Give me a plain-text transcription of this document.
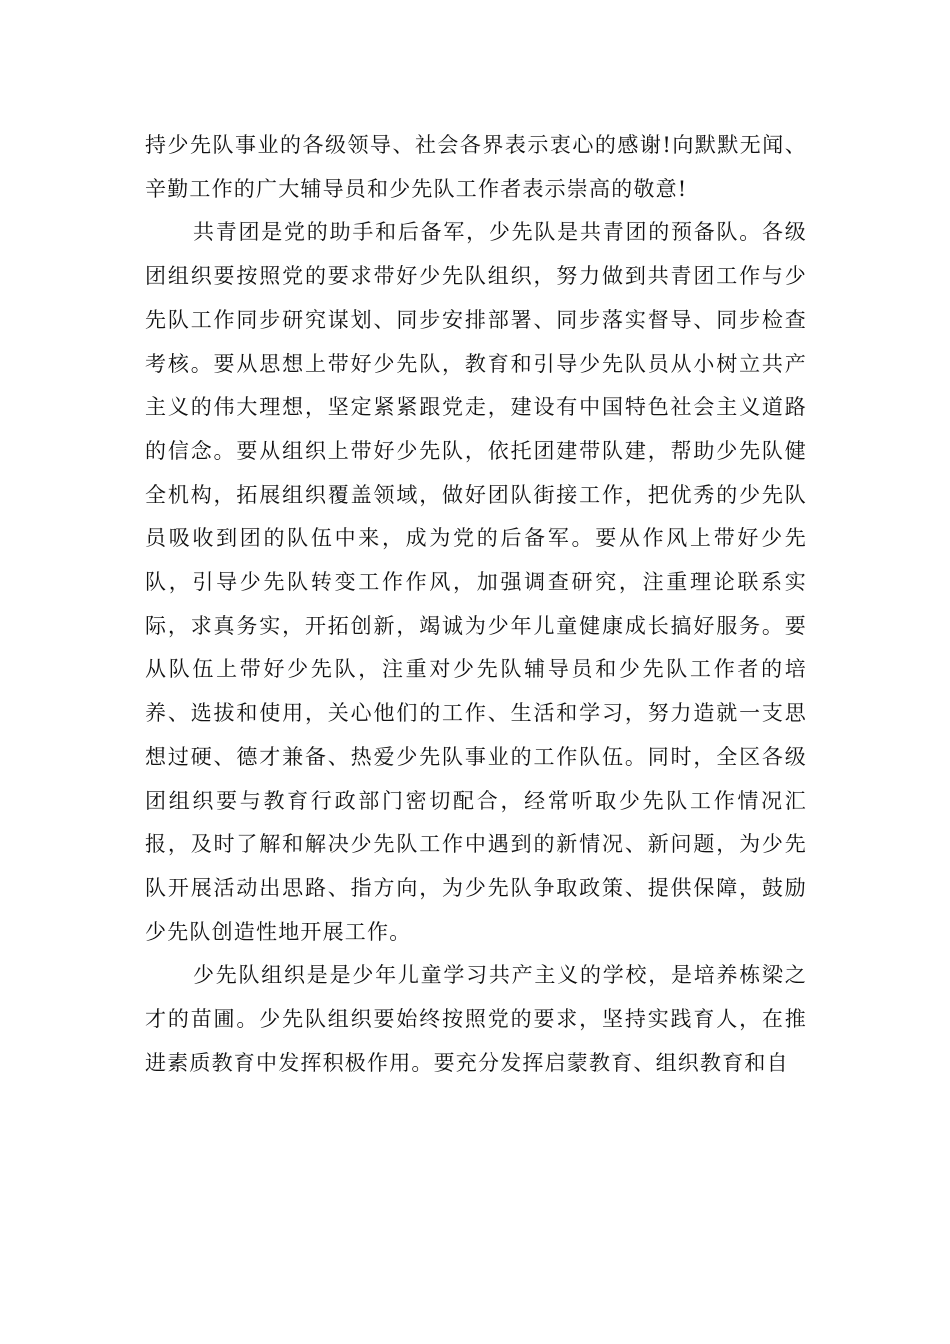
持少先队事业的各级领导、社会各界表示衷心的感谢!向默默无闻、辛勤工作的广大辅导员和少先队工作者表示崇高的敬意!

共青团是党的助手和后备军，少先队是共青团的预备队。各级团组织要按照党的要求带好少先队组织，努力做到共青团工作与少先队工作同步研究谋划、同步安排部署、同步落实督导、同步检查考核。要从思想上带好少先队，教育和引导少先队员从小树立共产主义的伟大理想，坚定紧紧跟党走，建设有中国特色社会主义道路的信念。要从组织上带好少先队，依托团建带队建，帮助少先队健全机构，拓展组织覆盖领域，做好团队街接工作，把优秀的少先队员吸收到团的队伍中来，成为党的后备军。要从作风上带好少先队，引导少先队转变工作作风，加强调查研究，注重理论联系实际，求真务实，开拓创新，竭诚为少年儿童健康成长搞好服务。要从队伍上带好少先队，注重对少先队辅导员和少先队工作者的培养、选拔和使用，关心他们的工作、生活和学习，努力造就一支思想过硬、德才兼备、热爱少先队事业的工作队伍。同时，全区各级团组织要与教育行政部门密切配合，经常听取少先队工作情况汇报，及时了解和解决少先队工作中遇到的新情况、新问题，为少先队开展活动出思路、指方向，为少先队争取政策、提供保障，鼓励少先队创造性地开展工作。

少先队组织是是少年儿童学习共产主义的学校，是培养栋梁之才的苗圃。少先队组织要始终按照党的要求，坚持实践育人，在推进素质教育中发挥积极作用。要充分发挥启蒙教育、组织教育和自
